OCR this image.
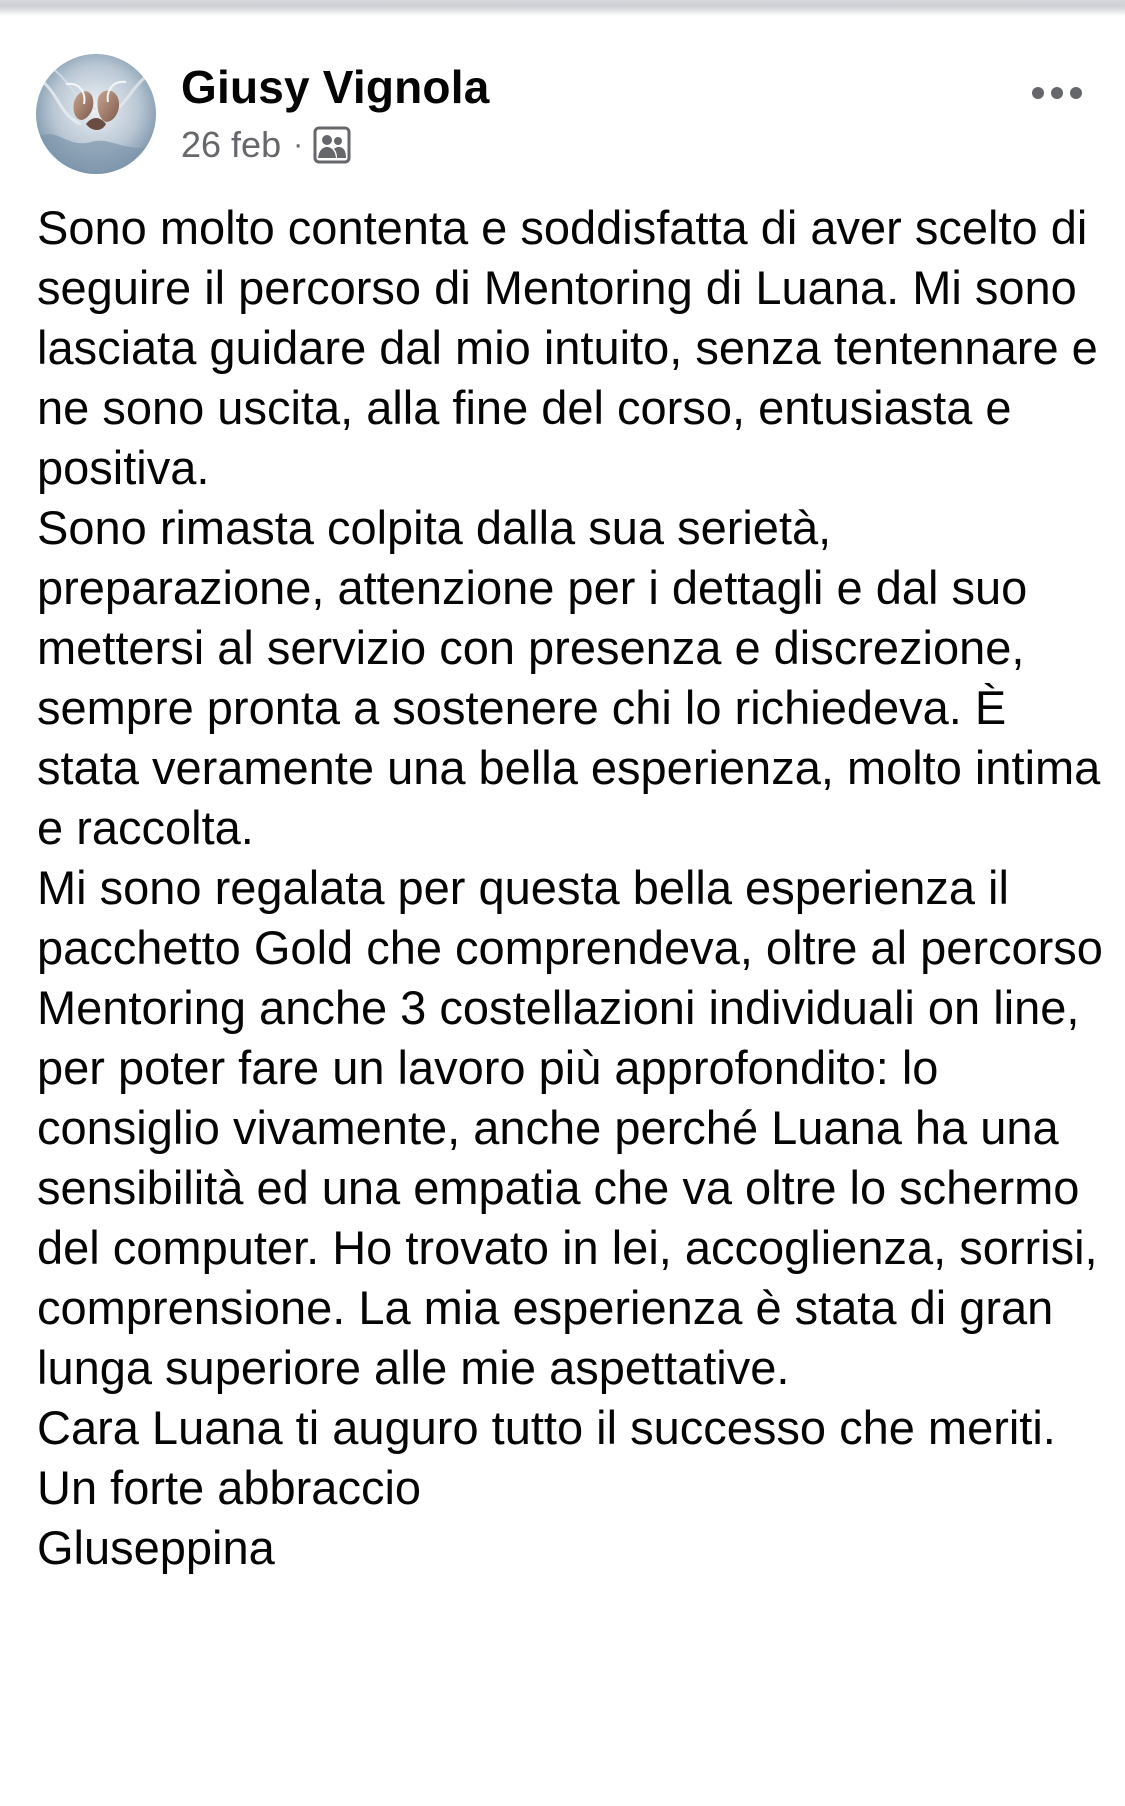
Giusy Vignola
26 feb ·

Sono molto contenta e soddisfatta di aver scelto di seguire il percorso di Mentoring di Luana. Mi sono lasciata guidare dal mio intuito, senza tentennare e ne sono uscita, alla fine del corso, entusiasta e positiva.
Sono rimasta colpita dalla sua serietà, preparazione, attenzione per i dettagli e dal suo mettersi al servizio con presenza e discrezione, sempre pronta a sostenere chi lo richiedeva. È stata veramente una bella esperienza, molto intima e raccolta.
Mi sono regalata per questa bella esperienza il pacchetto Gold che comprendeva, oltre al percorso Mentoring anche 3 costellazioni individuali on line, per poter fare un lavoro più approfondito: lo consiglio vivamente, anche perché Luana ha una sensibilità ed una empatia che va oltre lo schermo del computer. Ho trovato in lei, accoglienza, sorrisi, comprensione. La mia esperienza è stata di gran lunga superiore alle mie aspettative.
Cara Luana ti auguro tutto il successo che meriti.
Un forte abbraccio
Gluseppina
